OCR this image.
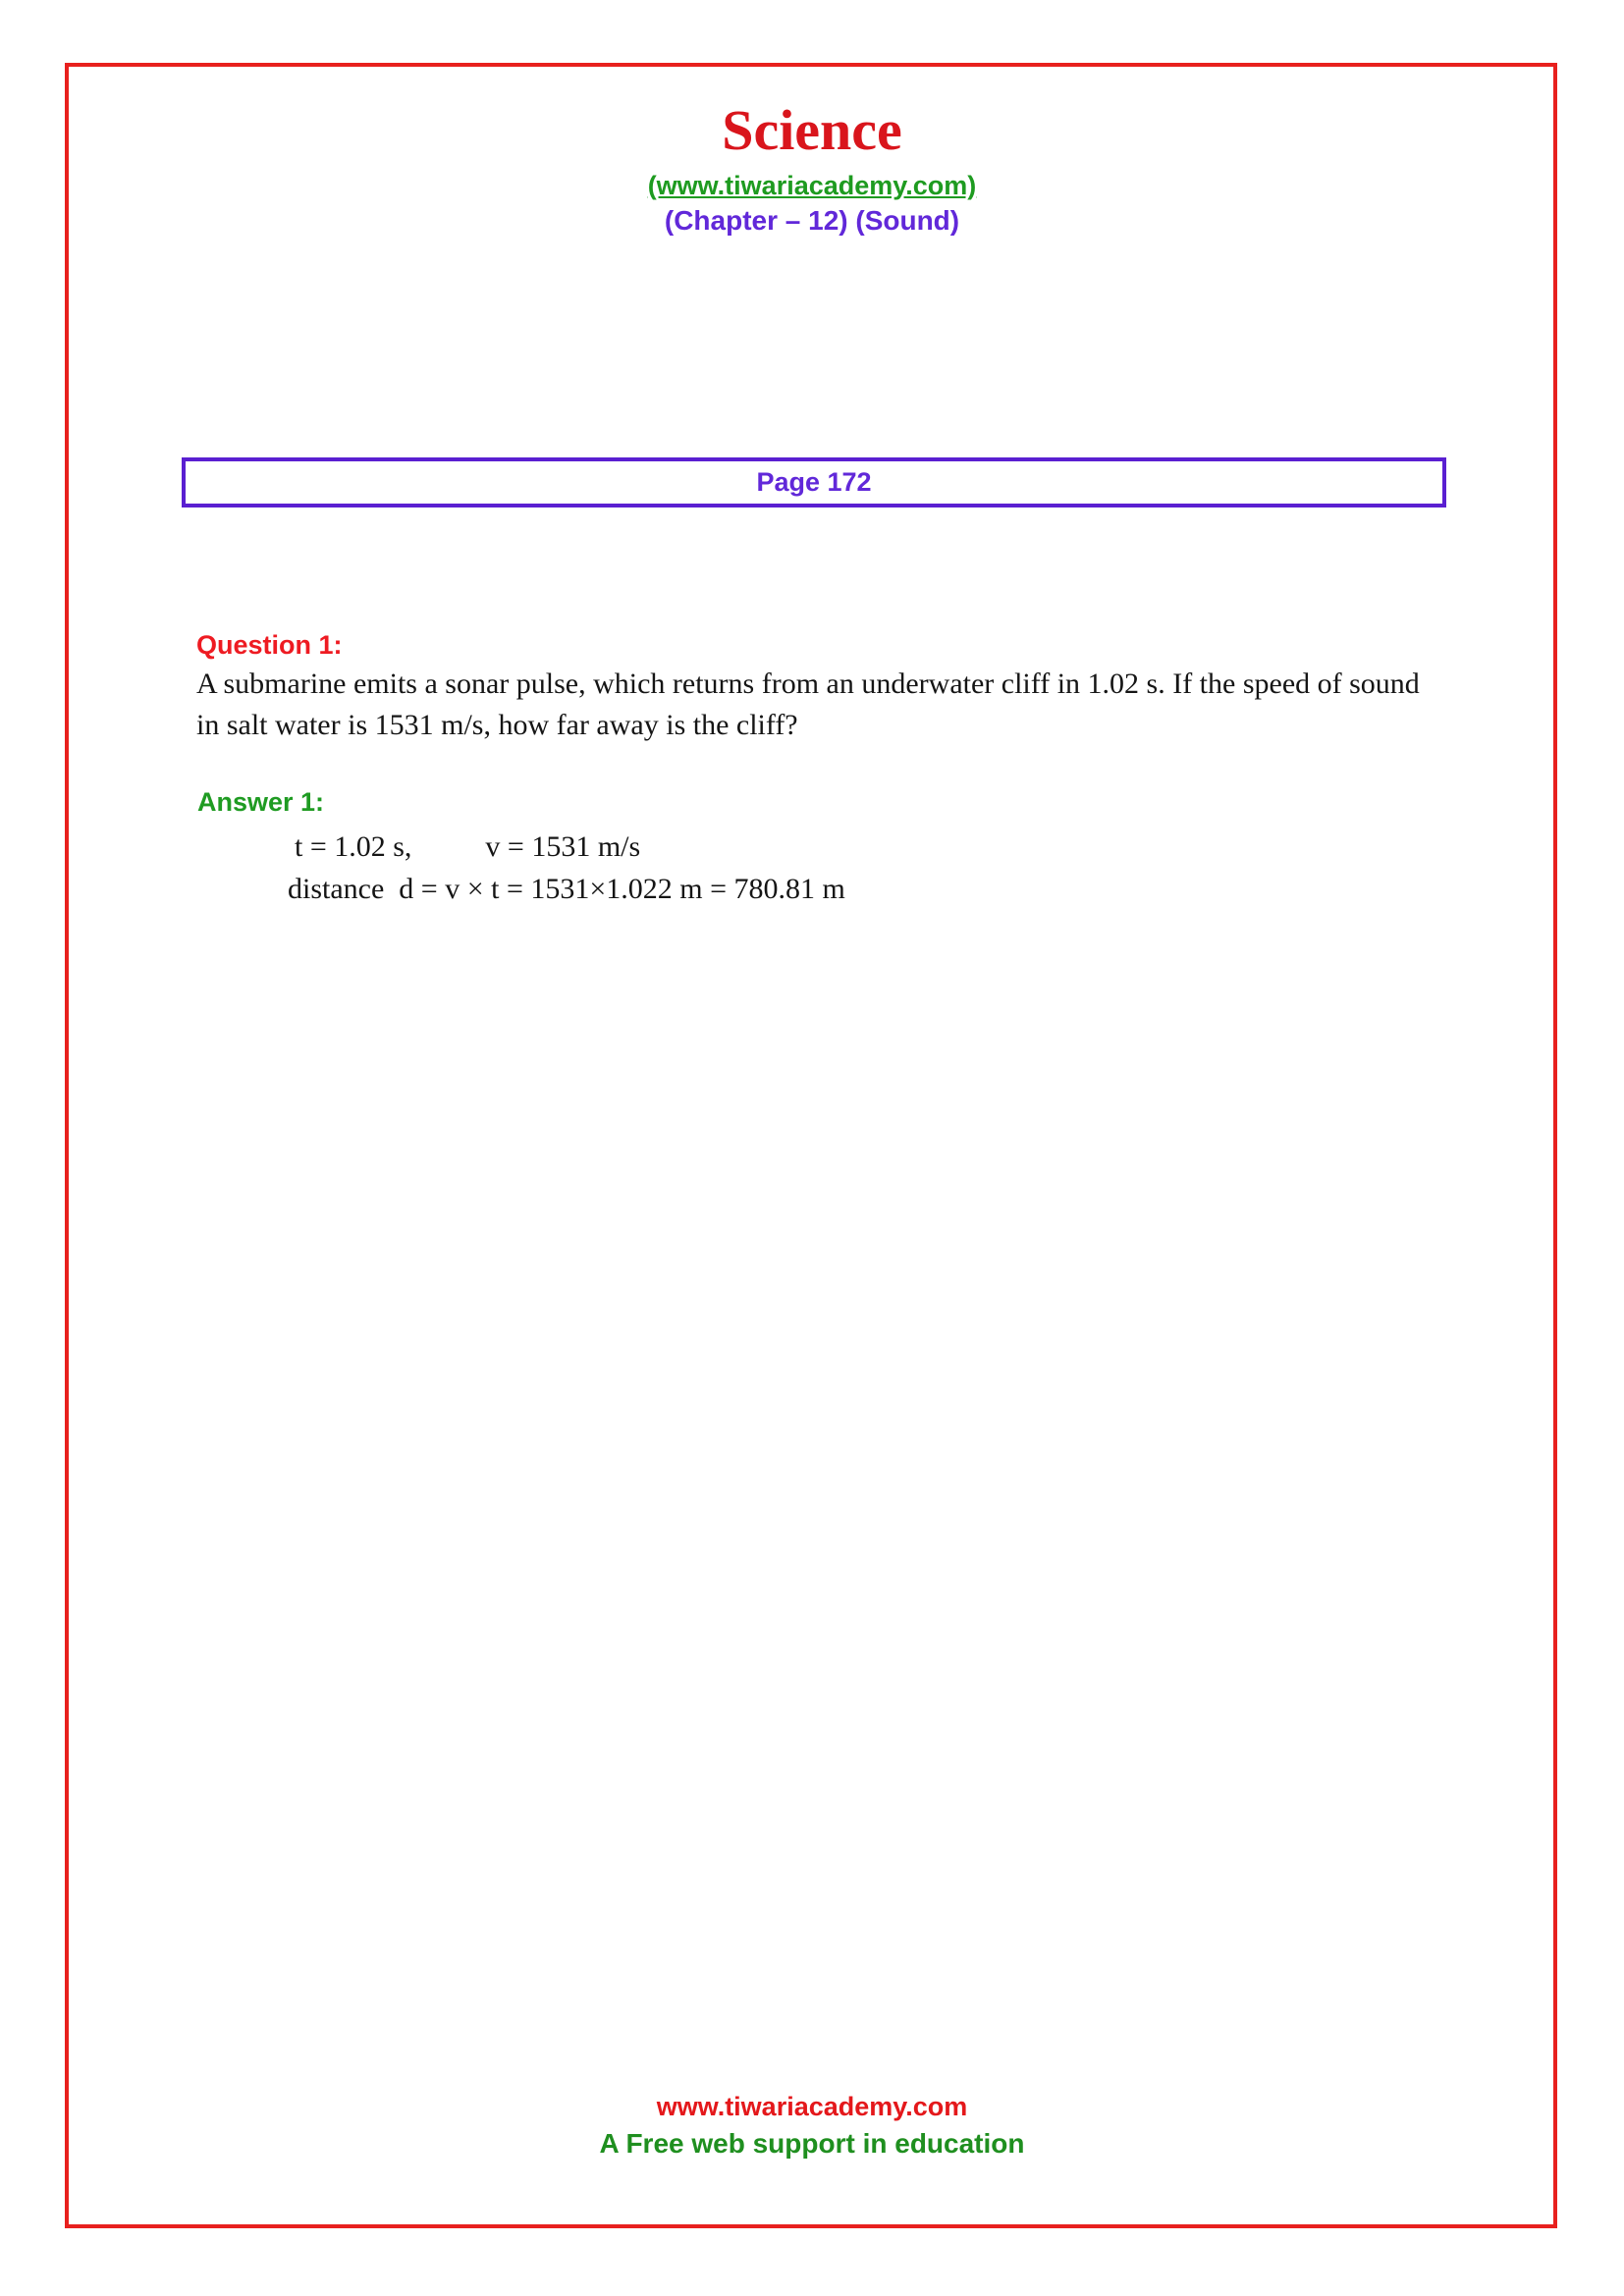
Science
(www.tiwariacademy.com)
(Chapter – 12) (Sound)
Page 172
Question 1:
A submarine emits a sonar pulse, which returns from an underwater cliff in 1.02 s. If the speed of sound in salt water is 1531 m/s, how far away is the cliff?
Answer 1:
t = 1.02 s,          v = 1531 m/s
distance  d = v × t = 1531×1.022 m = 780.81 m
www.tiwariacademy.com
A Free web support in education
